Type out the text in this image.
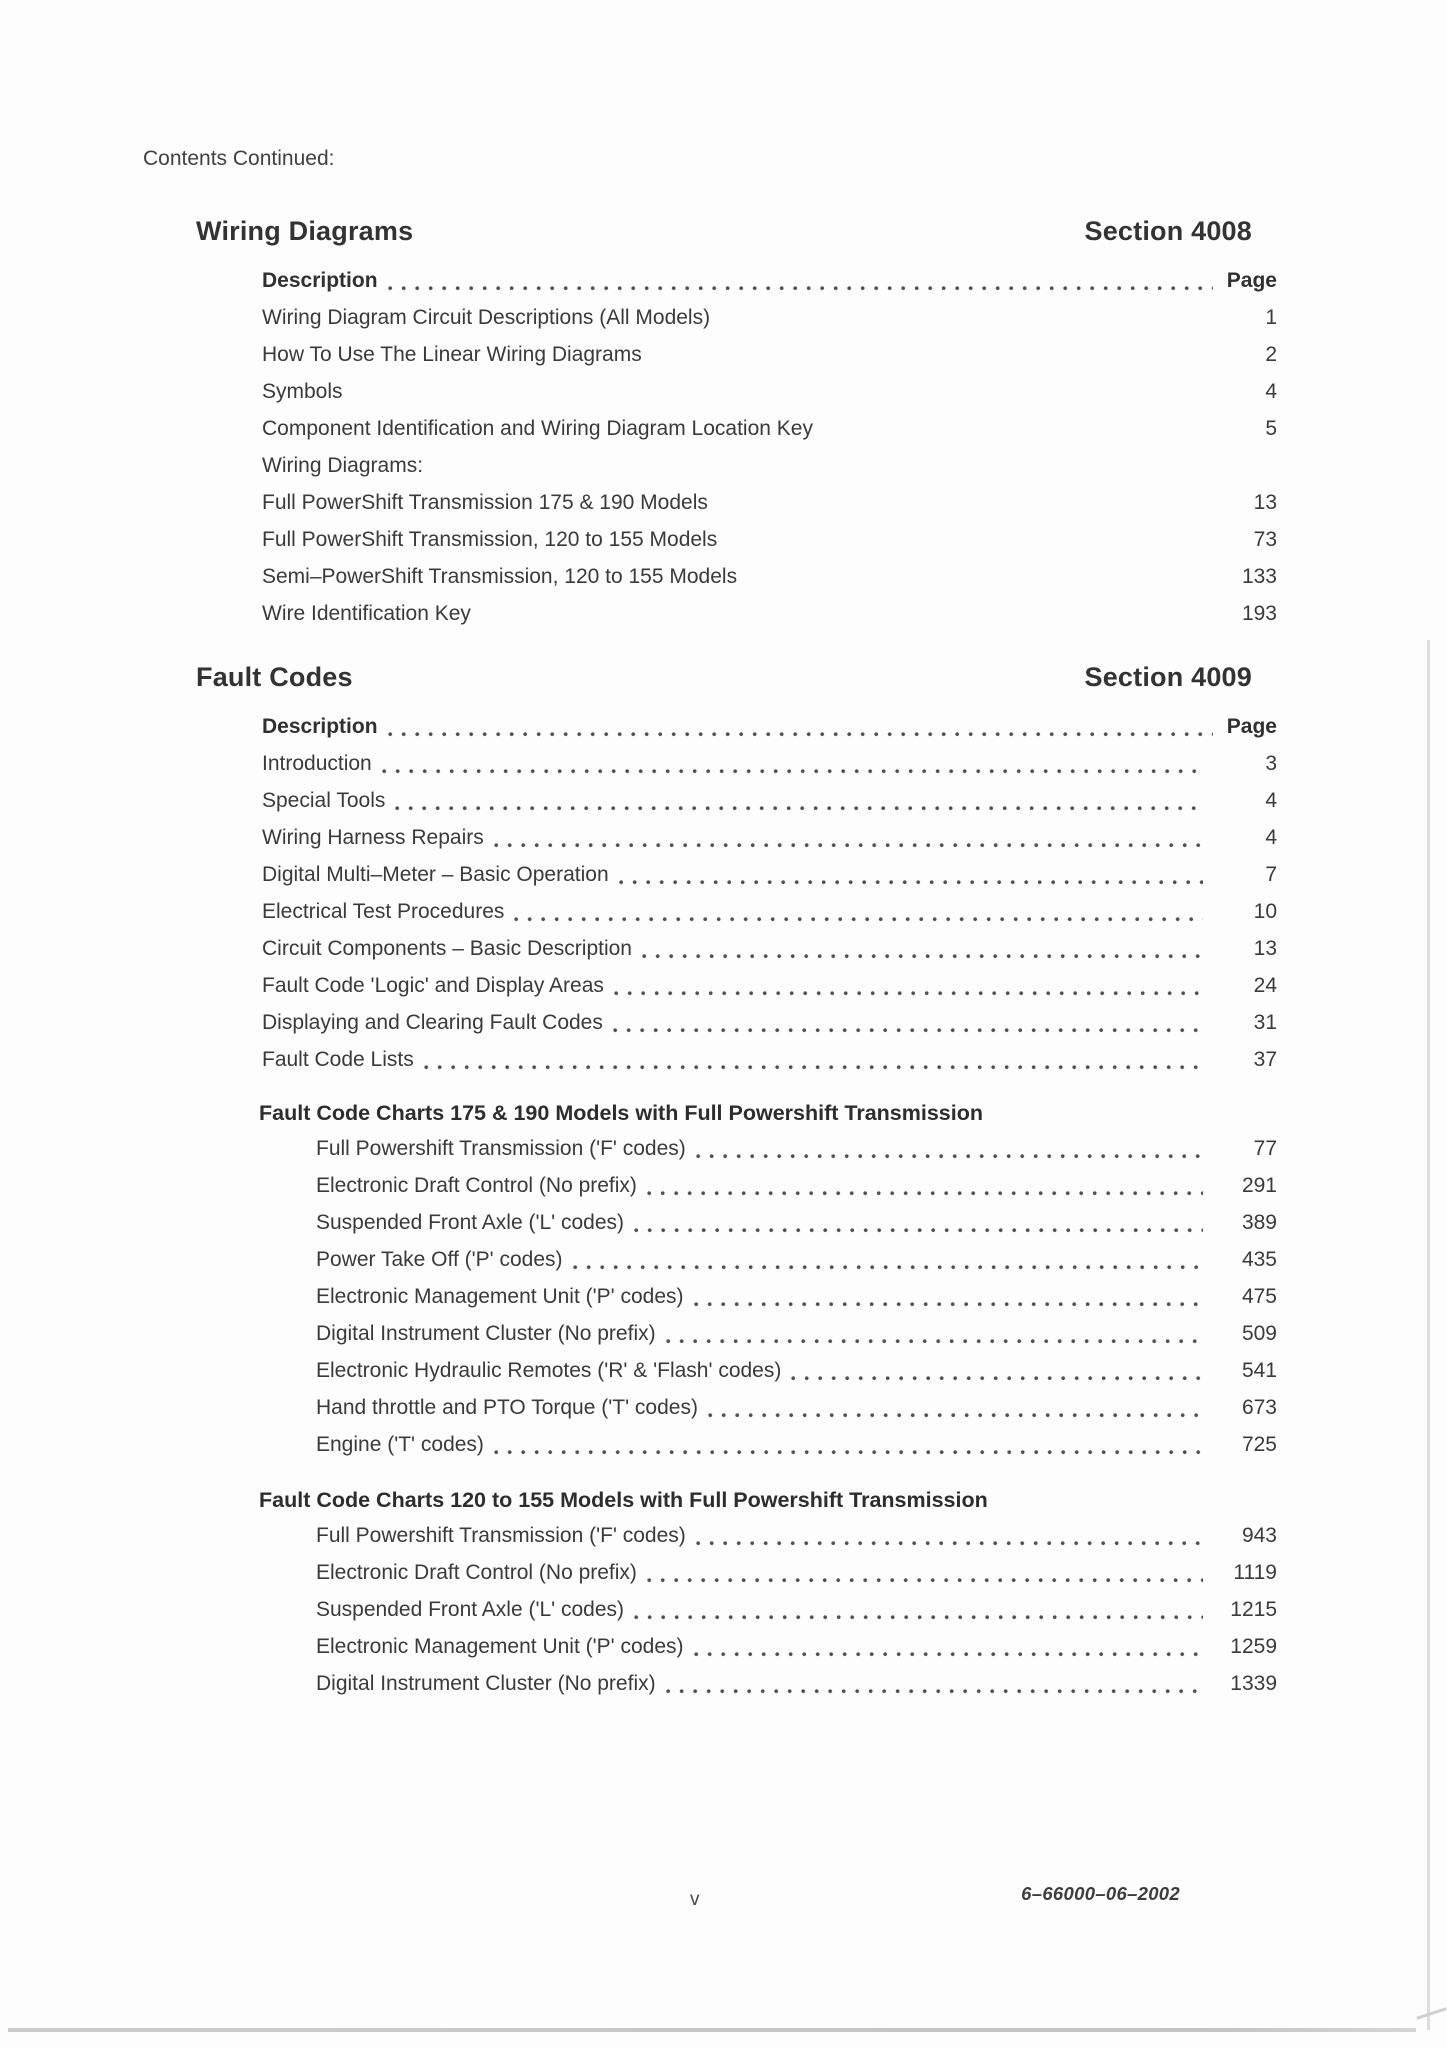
Contents Continued:
Wiring Diagrams	Section 4008
Description	Page
Wiring Diagram Circuit Descriptions (All Models)	1
How To Use The Linear Wiring Diagrams	2
Symbols	4
Component Identification and Wiring Diagram Location Key	5
Wiring Diagrams:
Full PowerShift Transmission 175 & 190 Models	13
Full PowerShift Transmission, 120 to 155 Models	73
Semi–PowerShift Transmission, 120 to 155 Models	133
Wire Identification Key	193
Fault Codes	Section 4009
Description	Page
Introduction	3
Special Tools	4
Wiring Harness Repairs	4
Digital Multi–Meter – Basic Operation	7
Electrical Test Procedures	10
Circuit Components – Basic Description	13
Fault Code 'Logic' and Display Areas	24
Displaying and Clearing Fault Codes	31
Fault Code Lists	37
Fault Code Charts 175 & 190 Models with Full Powershift Transmission
Full Powershift Transmission ('F' codes)	77
Electronic Draft Control (No prefix)	291
Suspended Front Axle ('L' codes)	389
Power Take Off ('P' codes)	435
Electronic Management Unit ('P' codes)	475
Digital Instrument Cluster (No prefix)	509
Electronic Hydraulic Remotes ('R' & 'Flash' codes)	541
Hand throttle and PTO Torque ('T' codes)	673
Engine ('T' codes)	725
Fault Code Charts 120 to 155 Models with Full Powershift Transmission
Full Powershift Transmission ('F' codes)	943
Electronic Draft Control (No prefix)	1119
Suspended Front Axle ('L' codes)	1215
Electronic Management Unit ('P' codes)	1259
Digital Instrument Cluster (No prefix)	1339
v	6–66000–06–2002
